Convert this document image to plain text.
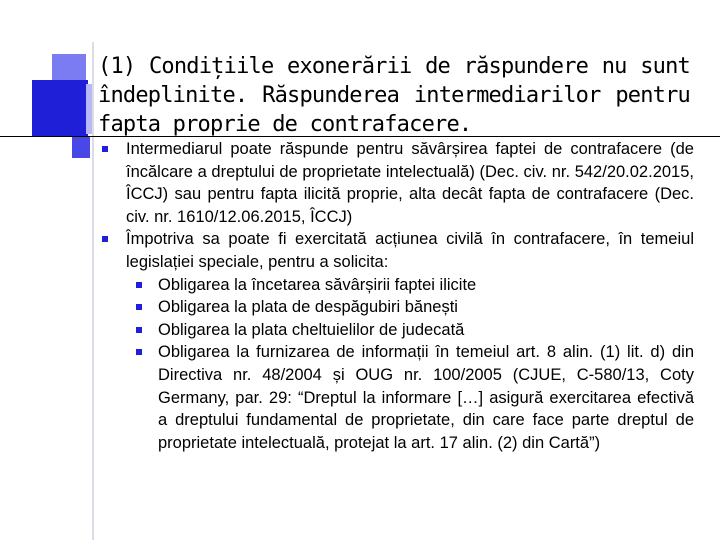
(1) Condițiile exonerării de răspundere nu sunt îndeplinite. Răspunderea intermediarilor pentru fapta proprie de contrafacere.
Intermediarul poate răspunde pentru săvârșirea faptei de contrafacere (de încălcare a dreptului de proprietate intelectuală) (Dec. civ. nr. 542/20.02.2015, ÎCCJ) sau pentru fapta ilicită proprie, alta decât fapta de contrafacere (Dec. civ. nr. 1610/12.06.2015, ÎCCJ)
Împotriva sa poate fi exercitată acțiunea civilă în contrafacere, în temeiul legislației speciale, pentru a solicita:
Obligarea la încetarea săvârșirii faptei ilicite
Obligarea la plata de despăgubiri bănești
Obligarea la plata cheltuielilor de judecată
Obligarea la furnizarea de informații în temeiul art. 8 alin. (1) lit. d) din Directiva nr. 48/2004 și OUG nr. 100/2005 (CJUE, C-580/13, Coty Germany, par. 29: “Dreptul la informare […] asigură exercitarea efectivă a dreptului fundamental de proprietate, din care face parte dreptul de proprietate intelectuală, protejat la art. 17 alin. (2) din Cartă”)
